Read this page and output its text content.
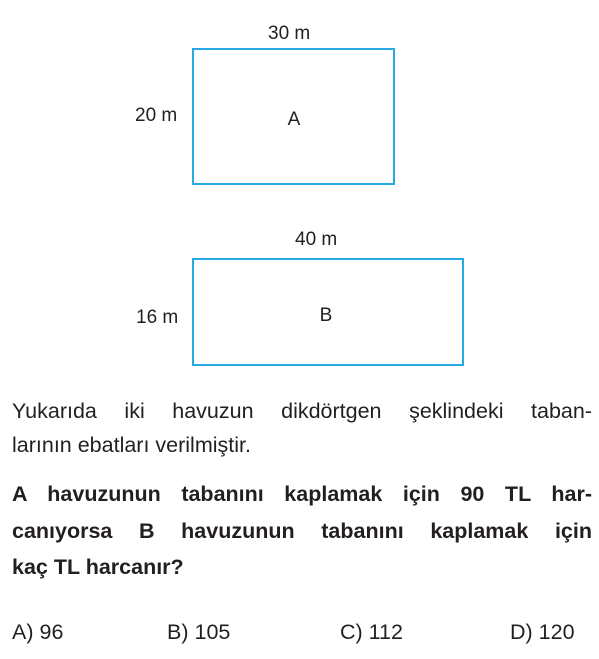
30 m
20 m	A
40 m
16 m	B
Yukarıda iki havuzun dikdörtgen şeklindeki taban-
larının ebatları verilmiştir.
A havuzunun tabanını kaplamak için 90 TL har-
canıyorsa B havuzunun tabanını kaplamak için
kaç TL harcanır?
A) 96	B) 105	C) 112	D) 120
